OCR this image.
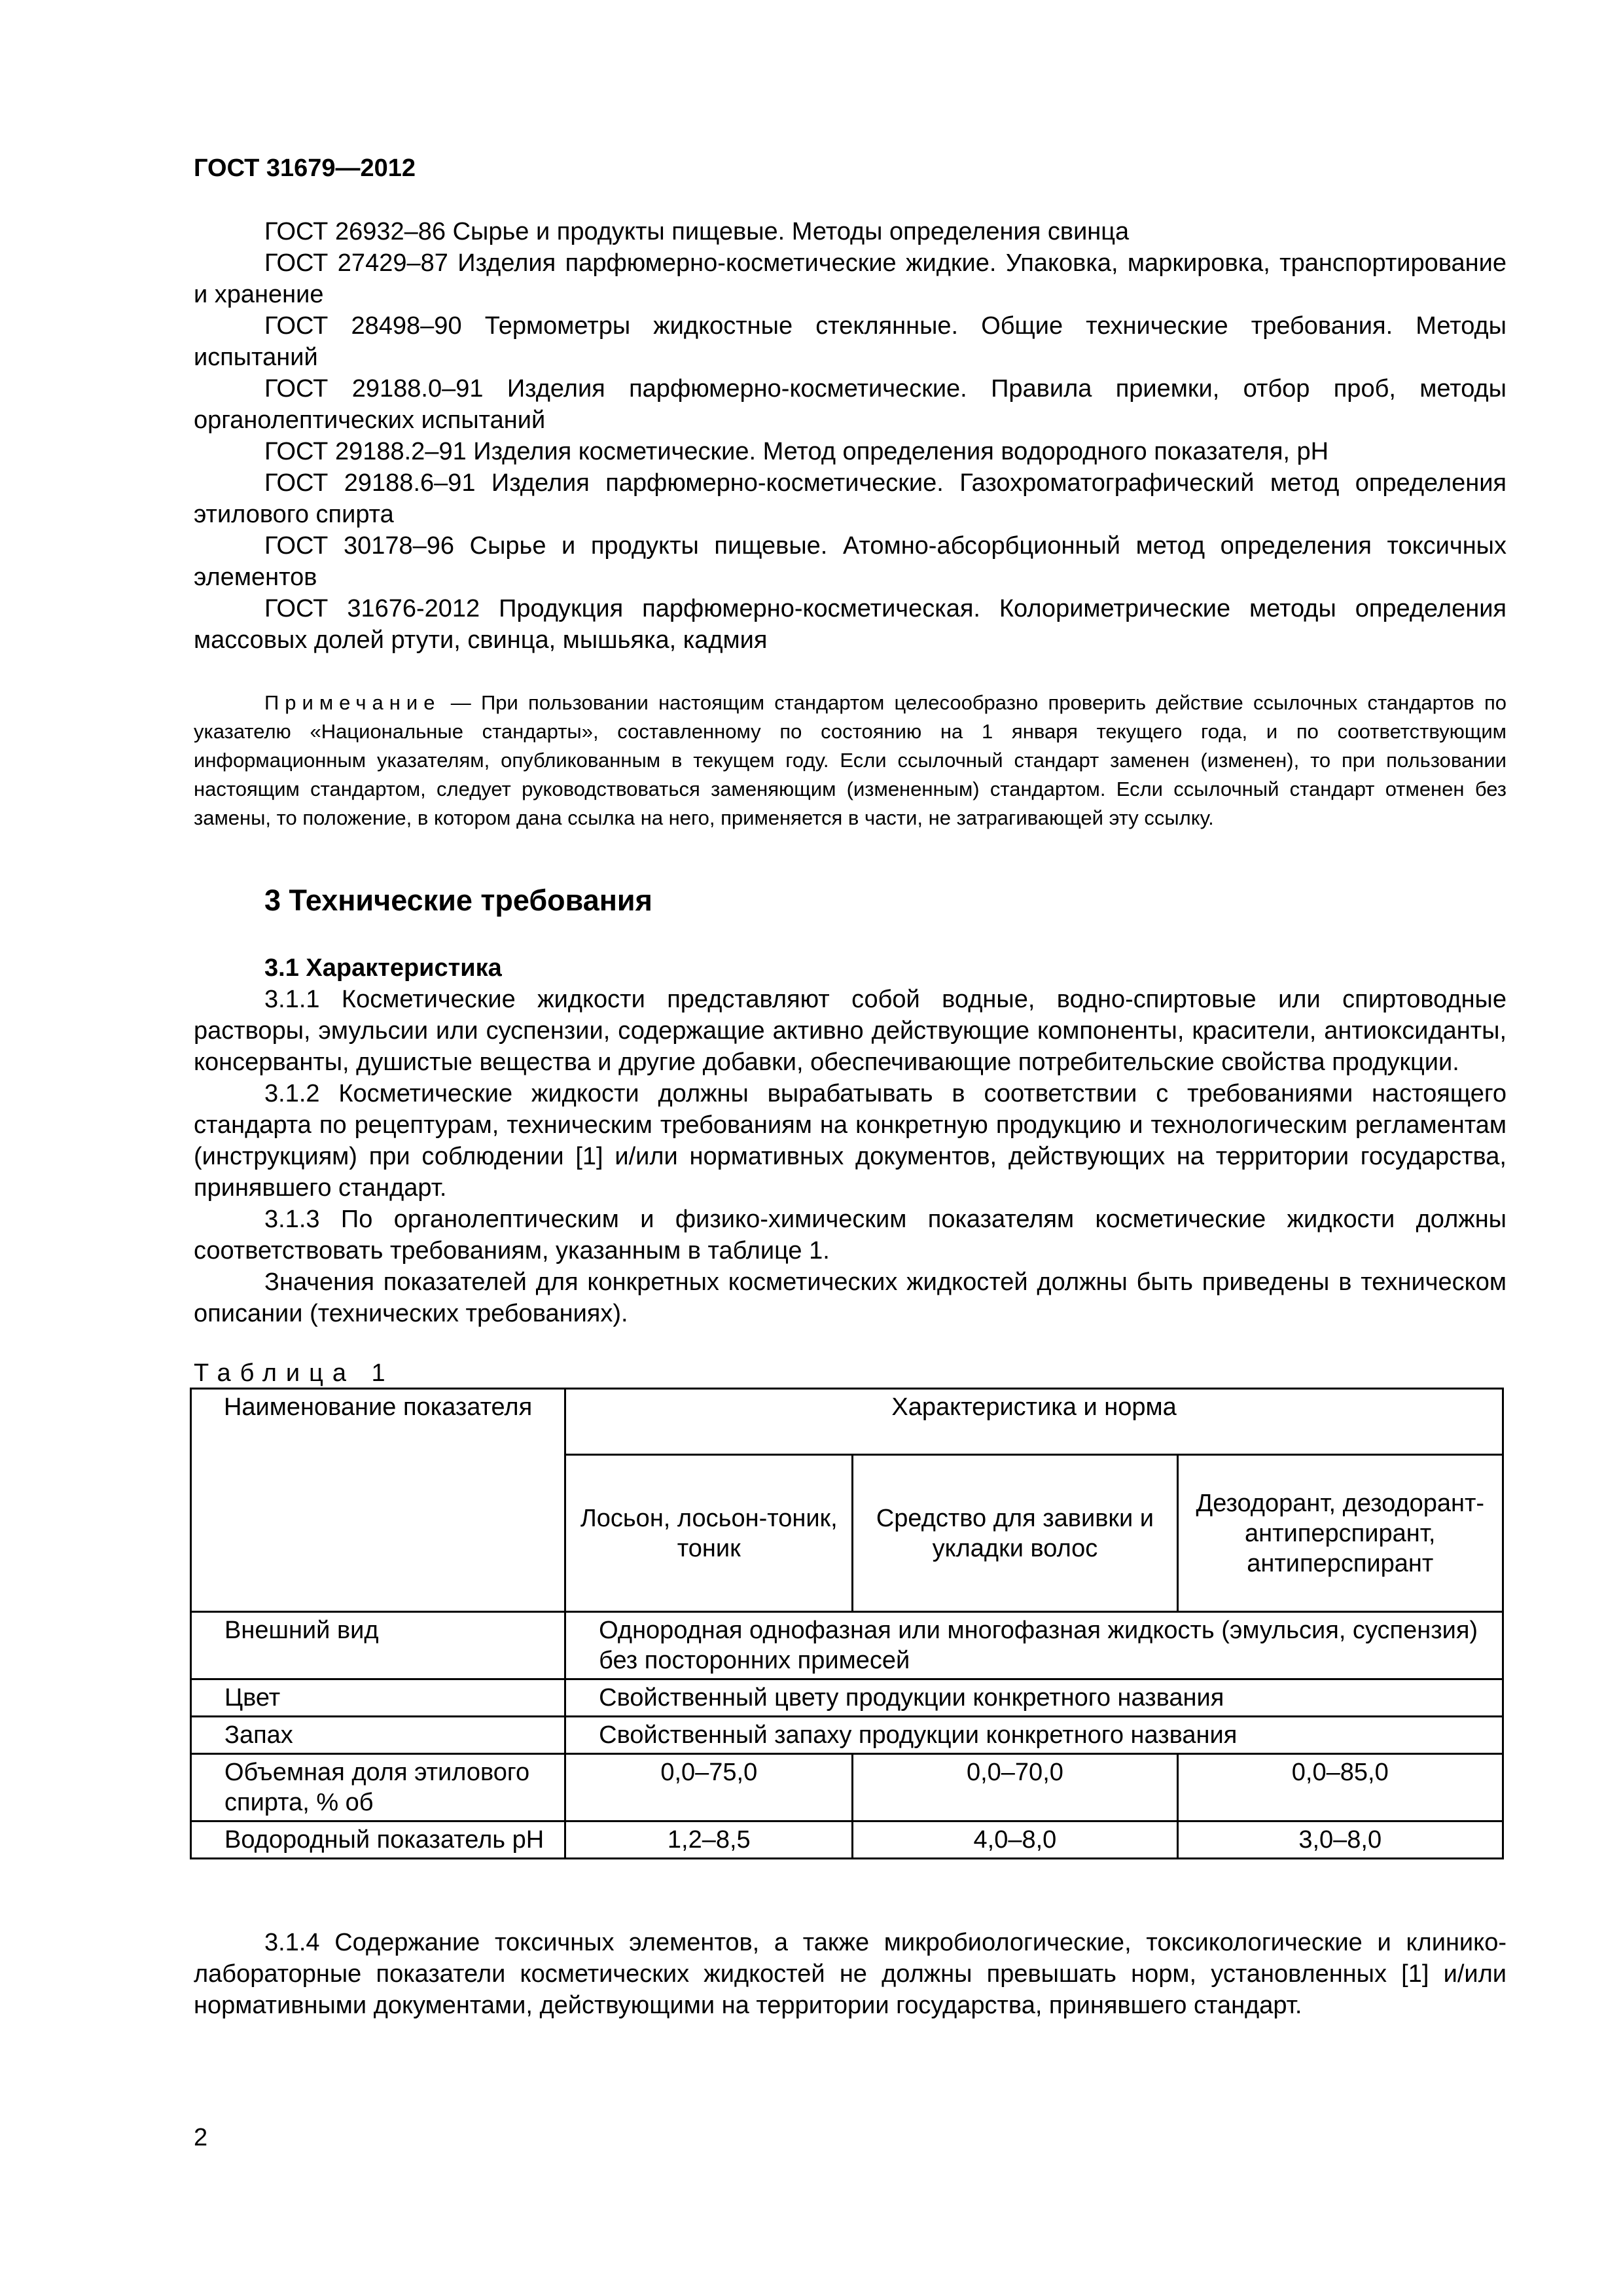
ГОСТ 31679—2012

ГОСТ 26932–86 Сырье и продукты пищевые. Методы определения свинца

ГОСТ 27429–87 Изделия парфюмерно-косметические жидкие. Упаковка, маркировка, транспортирование и хранение

ГОСТ 28498–90 Термометры жидкостные стеклянные. Общие технические требования. Методы испытаний

ГОСТ 29188.0–91 Изделия парфюмерно-косметические. Правила приемки, отбор проб, методы органолептических испытаний

ГОСТ 29188.2–91 Изделия косметические. Метод определения водородного показателя, pH

ГОСТ 29188.6–91 Изделия парфюмерно-косметические. Газохроматографический метод определения этилового спирта

ГОСТ 30178–96 Сырье и продукты пищевые. Атомно-абсорбционный метод определения токсичных элементов

ГОСТ 31676-2012 Продукция парфюмерно-косметическая. Колориметрические методы определения массовых долей ртути, свинца, мышьяка, кадмия

Примечание — При пользовании настоящим стандартом целесообразно проверить действие ссылочных стандартов по указателю «Национальные стандарты», составленному по состоянию на 1 января текущего года, и по соответствующим информационным указателям, опубликованным в текущем году. Если ссылочный стандарт заменен (изменен), то при пользовании настоящим стандартом, следует руководствоваться заменяющим (измененным) стандартом. Если ссылочный стандарт отменен без замены, то положение, в котором дана ссылка на него, применяется в части, не затрагивающей эту ссылку.

3 Технические требования

3.1 Характеристика

3.1.1 Косметические жидкости представляют собой водные, водно-спиртовые или спиртоводные растворы, эмульсии или суспензии, содержащие активно действующие компоненты, красители, антиоксиданты, консерванты, душистые вещества и другие добавки, обеспечивающие потребительские свойства продукции.

3.1.2 Косметические жидкости должны вырабатывать в соответствии с требованиями настоящего стандарта по рецептурам, техническим требованиям на конкретную продукцию и технологическим регламентам (инструкциям) при соблюдении [1] и/или нормативных документов, действующих на территории государства, принявшего стандарт.

3.1.3 По органолептическим и физико-химическим показателям косметические жидкости должны соответствовать требованиям, указанным в таблице 1.

Значения показателей для конкретных косметических жидкостей должны быть приведены в техническом описании (технических требованиях).

Таблица 1
Наименование показателя	Характеристика и норма		
	Лосьон, лосьон-тоник, тоник	Средство для завивки и укладки волос	Дезодорант, дезодорант-антиперспирант, антиперспирант
Внешний вид	Однородная однофазная или многофазная жидкость (эмульсия, суспензия) без посторонних примесей		
Цвет	Свойственный цвету продукции конкретного названия		
Запах	Свойственный запаху продукции конкретного названия		
Объемная доля этилового спирта, % об	0,0–75,0	0,0–70,0	0,0–85,0
Водородный показатель pH	1,2–8,5	4,0–8,0	3,0–8,0

3.1.4 Содержание токсичных элементов, а также микробиологические, токсикологические и клинико-лабораторные показатели косметических жидкостей не должны превышать норм, установленных [1] и/или нормативными документами, действующими на территории государства, принявшего стандарт.

2
